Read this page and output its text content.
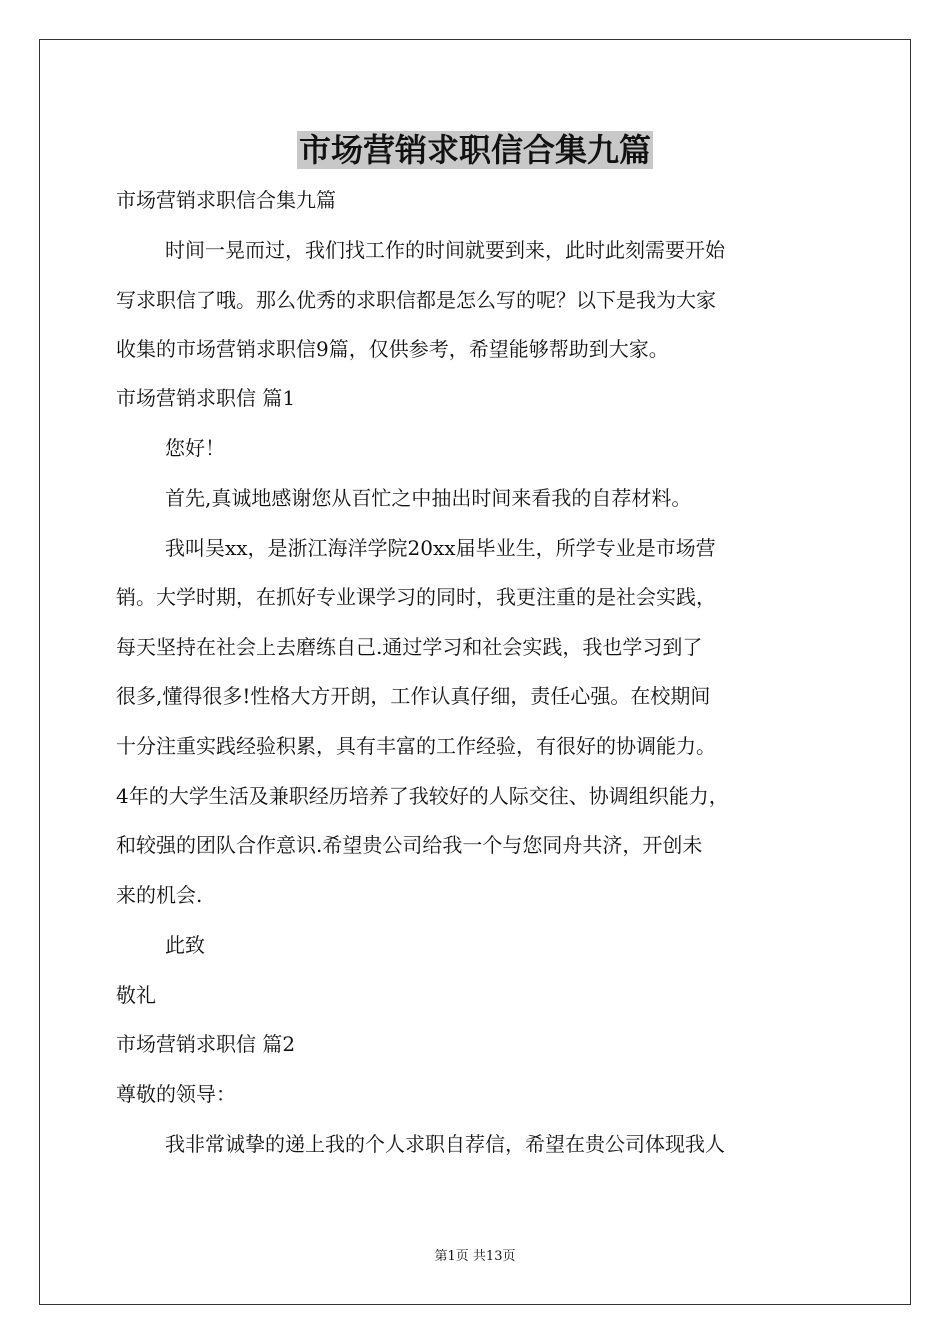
市场营销求职信合集九篇

市场营销求职信合集九篇

时间一晃而过，我们找工作的时间就要到来，此时此刻需要开始

写求职信了哦。那么优秀的求职信都是怎么写的呢？以下是我为大家

收集的市场营销求职信9篇，仅供参考，希望能够帮助到大家。

市场营销求职信 篇1

您好！

首先,真诚地感谢您从百忙之中抽出时间来看我的自荐材料。

我叫吴xx，是浙江海洋学院20xx届毕业生，所学专业是市场营

销。大学时期，在抓好专业课学习的同时，我更注重的是社会实践，

每天坚持在社会上去磨练自己.通过学习和社会实践，我也学习到了

很多,懂得很多!性格大方开朗，工作认真仔细，责任心强。在校期间

十分注重实践经验积累，具有丰富的工作经验，有很好的协调能力。

4年的大学生活及兼职经历培养了我较好的人际交往、协调组织能力，

和较强的团队合作意识.希望贵公司给我一个与您同舟共济，开创未

来的机会.

此致

敬礼

市场营销求职信 篇2

尊敬的领导：

我非常诚挚的递上我的个人求职自荐信，希望在贵公司体现我人

第1页 共13页
